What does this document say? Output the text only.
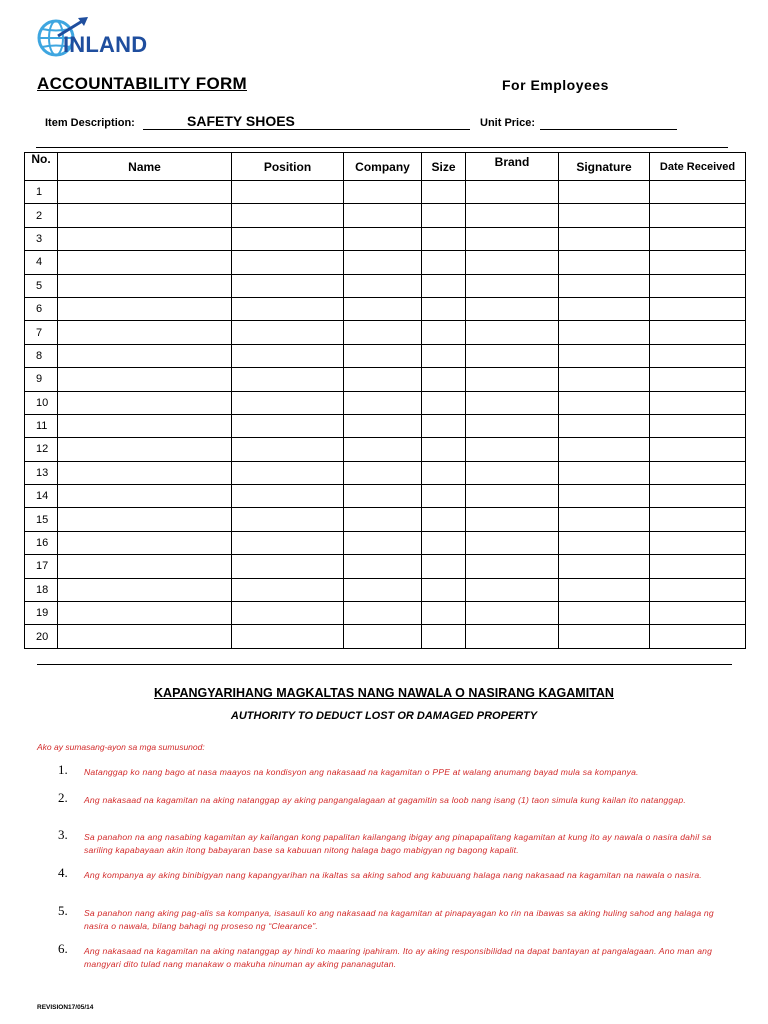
INLAND
ACCOUNTABILITY FORM	For Employees
Item Description:	SAFETY SHOES	Unit Price:
No.	Name	Position	Company	Size	Brand	Signature	Date Received
1							
2							
3							
4							
5							
6							
7							
8							
9							
10							
11							
12							
13							
14							
15							
16							
17							
18							
19							
20							
KAPANGYARIHANG MAGKALTAS NANG NAWALA O NASIRANG KAGAMITAN
AUTHORITY TO DEDUCT LOST OR DAMAGED PROPERTY
Ako ay sumasang-ayon sa mga sumusunod:
1. Natanggap ko nang bago at nasa maayos na kondisyon ang nakasaad na kagamitan o PPE at walang anumang bayad mula sa kompanya.
2. Ang nakasaad na kagamitan na aking natanggap ay aking pangangalagaan at gagamitin sa loob nang isang (1) taon simula kung kailan ito natanggap.
3. Sa panahon na ang nasabing kagamitan ay kailangan kong papalitan kailangang ibigay ang pinapapalitang kagamitan at kung ito ay nawala o nasira dahil sa sariling kapabayaan akin itong babayaran base sa kabuuan nitong halaga bago mabigyan ng bagong kapalit.
4. Ang kompanya ay aking binibigyan nang kapangyarihan na ikaltas sa aking sahod ang kabuuang halaga nang nakasaad na kagamitan na nawala o nasira.
5. Sa panahon nang aking pag-alis sa kompanya, isasauli ko ang nakasaad na kagamitan at pinapayagan ko rin na ibawas sa aking huling sahod ang halaga ng nasira o nawala, bilang bahagi ng proseso ng “Clearance”.
6. Ang nakasaad na kagamitan na aking natanggap ay hindi ko maaring ipahiram. Ito ay aking responsibilidad na dapat bantayan at pangalagaan. Ano man ang mangyari dito tulad nang manakaw o makuha ninuman ay aking pananagutan.
REVISION17/05/14
